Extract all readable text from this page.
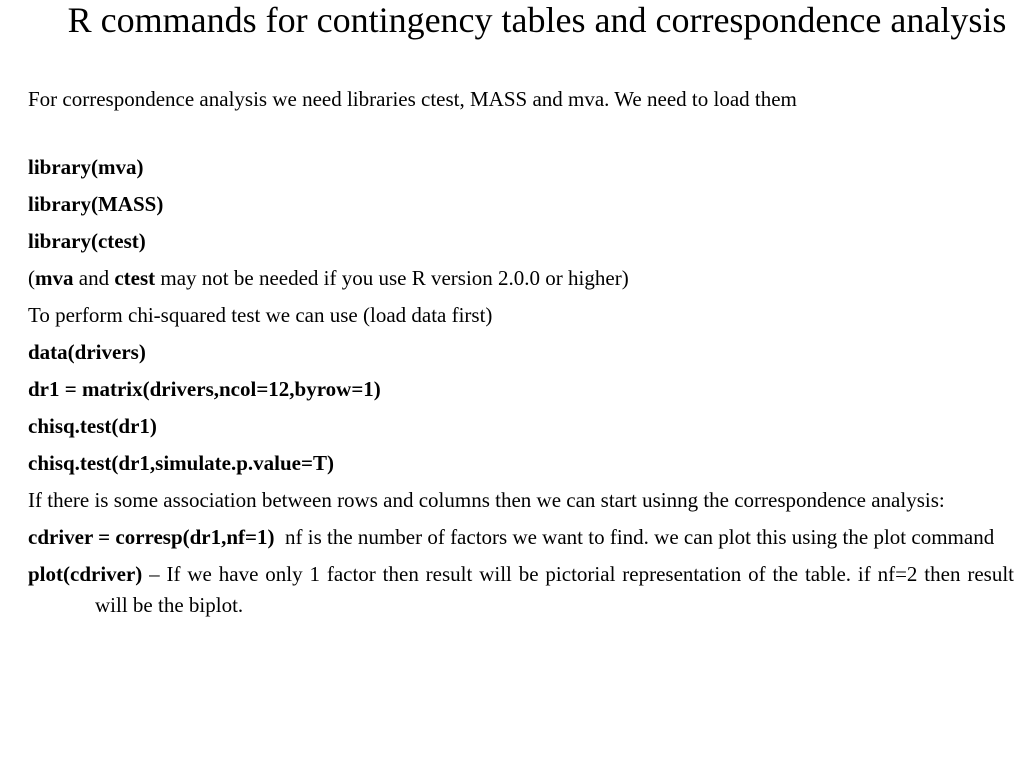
R commands for contingency tables and correspondence analysis

For correspondence analysis we need libraries ctest, MASS and mva. We need to load them

library(mva)

library(MASS)

library(ctest)

(mva and ctest may not be needed if you use R version 2.0.0 or higher)

To perform chi-squared test we can use (load data first)

data(drivers)

dr1 = matrix(drivers,ncol=12,byrow=1)

chisq.test(dr1)

chisq.test(dr1,simulate.p.value=T)

If there is some association between rows and columns then we can start usinng the correspondence analysis:

cdriver = corresp(dr1,nf=1)  nf is the number of factors we want to find. we can plot this using the plot command

plot(cdriver) – If we have only 1 factor then result will be pictorial representation of the table. if nf=2 then result will be the biplot.
